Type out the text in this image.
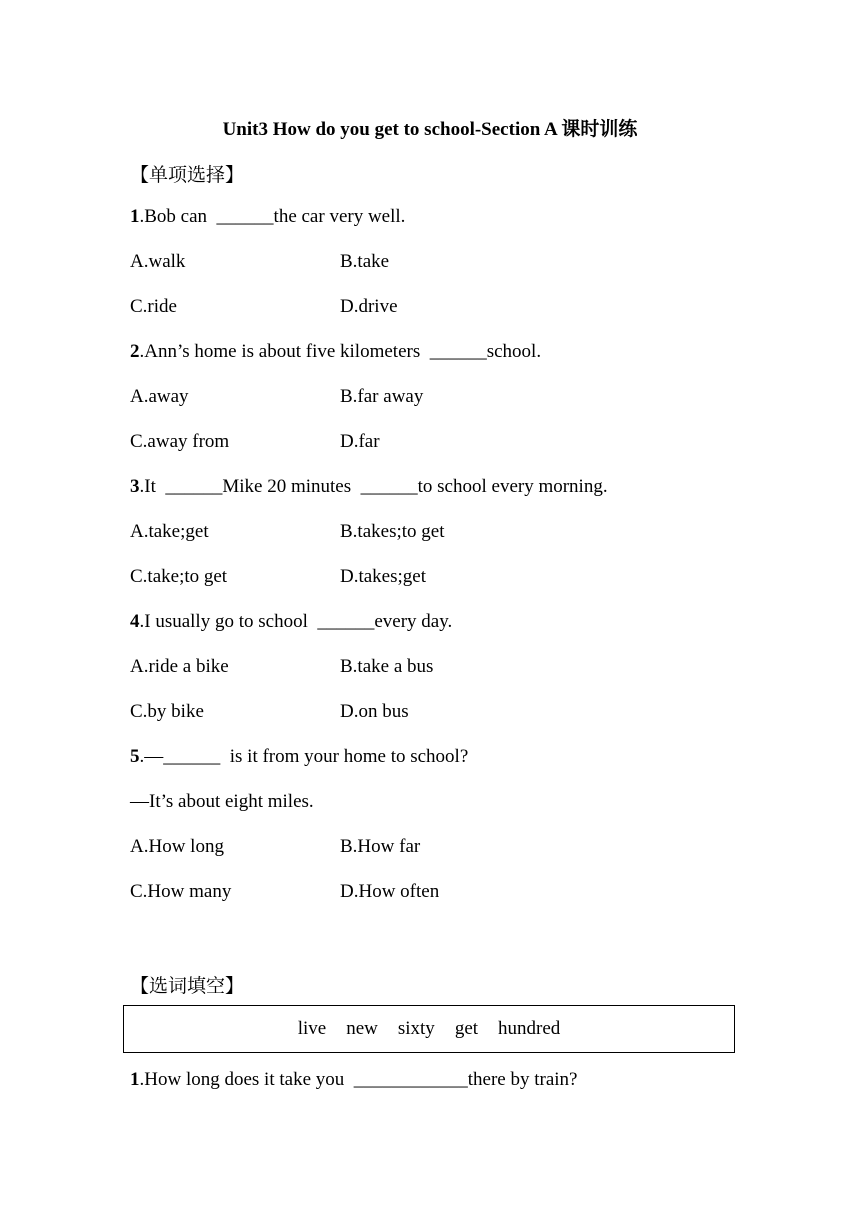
Unit3 How do you get to school-Section A 课时训练
【单项选择】
1.Bob can  ______the car very well.
A.walk	B.take
C.ride	D.drive
2.Ann’s home is about five kilometers  ______school.
A.away	B.far away
C.away from	D.far
3.It  ______Mike 20 minutes  ______to school every morning.
A.take;get	B.takes;to get
C.take;to get	D.takes;get
4.I usually go to school  ______every day.
A.ride a bike	B.take a bus
C.by bike	D.on bus
5.—______  is it from your home to school?
—It’s about eight miles.
A.How long	B.How far
C.How many	D.How often
【选词填空】
live new sixty get hundred
1.How long does it take you  ____________there by train?
